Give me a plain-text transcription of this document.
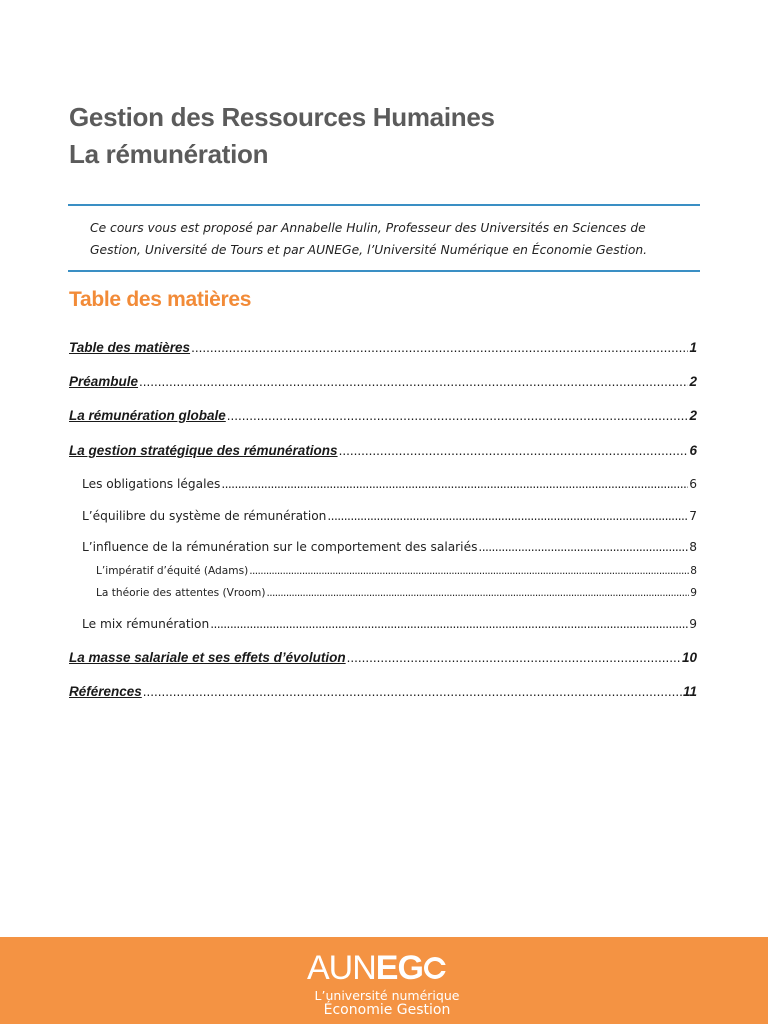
Gestion des Ressources Humaines
La rémunération

Ce cours vous est proposé par Annabelle Hulin, Professeur des Universités en Sciences de Gestion, Université de Tours et par AUNEGe, l’Université Numérique en Économie Gestion.

Table des matières
Table des matières .....	1
Préambule .....	2
La rémunération globale .....	2
La gestion stratégique des rémunérations .....	6
Les obligations légales .....	6
L’équilibre du système de rémunération .....	7
L’influence de la rémunération sur le comportement des salariés .....	8
L’impératif d’équité (Adams) .....	8
La théorie des attentes (Vroom) .....	9
Le mix rémunération .....	9
La masse salariale et ses effets d’évolution .....	10
Références .....	11
AUNEG
L’université numérique
Économie Gestion
